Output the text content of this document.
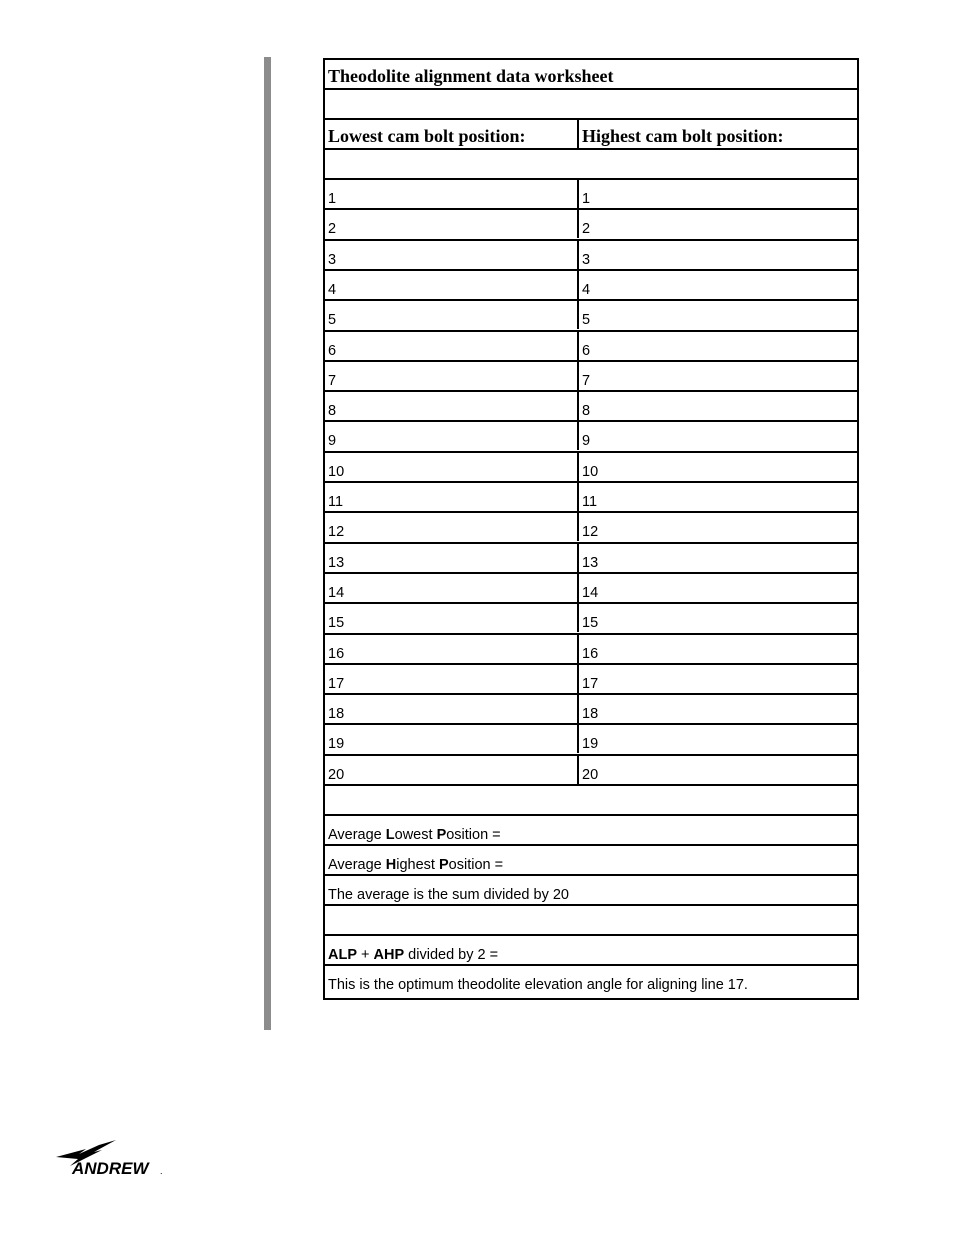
Theodolite alignment data worksheet
Lowest cam bolt position:	Highest cam bolt position:
1	1
2	2
3	3
4	4
5	5
6	6
7	7
8	8
9	9
10	10
11	11
12	12
13	13
14	14
15	15
16	16
17	17
18	18
19	19
20	20
Average Lowest Position =
Average Highest Position =
The average is the sum divided by 20
ALP + AHP divided by 2 =
This is the optimum theodolite elevation angle for aligning line 17.
ANDREW .
